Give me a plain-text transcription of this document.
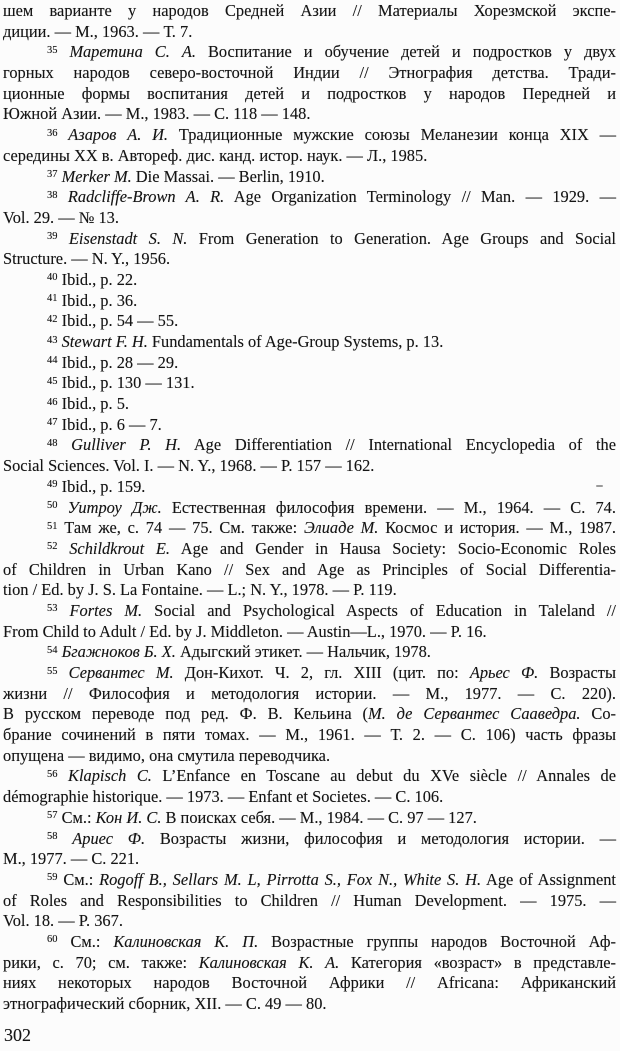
шем варианте у народов Средней Азии // Материалы Хорезмской экспе-
диции. — М., 1963. — Т. 7.
35 Маретина С. А. Воспитание и обучение детей и подростков у двух
горных народов северо-восточной Индии // Этнография детства. Тради-
ционные формы воспитания детей и подростков у народов Передней и
Южной Азии. — М., 1983. — С. 118 — 148.
36 Азаров А. И. Традиционные мужские союзы Меланезии конца XIX —
середины XX в. Автореф. дис. канд. истор. наук. — Л., 1985.
37 Merker M. Die Massai. — Berlin, 1910.
38 Radcliffe-Brown A. R. Age Organization Terminology // Man. — 1929. —
Vol. 29. — № 13.
39 Eisenstadt S. N. From Generation to Generation. Age Groups and Social
Structure. — N. Y., 1956.
40 Ibid., p. 22.
41 Ibid., p. 36.
42 Ibid., p. 54 — 55.
43 Stewart F. H. Fundamentals of Age-Group Systems, p. 13.
44 Ibid., p. 28 — 29.
45 Ibid., p. 130 — 131.
46 Ibid., p. 5.
47 Ibid., p. 6 — 7.
48 Gulliver P. H. Age Differentiation // International Encyclopedia of the
Social Sciences. Vol. I. — N. Y., 1968. — P. 157 — 162.
49 Ibid., p. 159.
50 Уитроу Дж. Естественная философия времени. — М., 1964. — С. 74.
51 Там же, с. 74 — 75. См. также: Элиаде М. Космос и история. — М., 1987.
52 Schildkrout E. Age and Gender in Hausa Society: Socio-Economic Roles
of Children in Urban Kano // Sex and Age as Principles of Social Differentia-
tion / Ed. by J. S. La Fontaine. — L.; N. Y., 1978. — P. 119.
53 Fortes M. Social and Psychological Aspects of Education in Taleland //
From Child to Adult / Ed. by J. Middleton. — Austin—L., 1970. — P. 16.
54 Бгажноков Б. Х. Адыгский этикет. — Нальчик, 1978.
55 Сервантес М. Дон-Кихот. Ч. 2, гл. XIII (цит. по: Арьес Ф. Возрасты
жизни // Философия и методология истории. — М., 1977. — С. 220).
В русском переводе под ред. Ф. В. Кельина (М. де Сервантес Сааведра. Со-
брание сочинений в пяти томах. — М., 1961. — Т. 2. — С. 106) часть фразы
опущена — видимо, она смутила переводчика.
56 Klapisch C. L’Enfance en Toscane au debut du XVe siècle // Annales de
démographie historique. — 1973. — Enfant et Societes. — С. 106.
57 См.: Кон И. С. В поисках себя. — М., 1984. — С. 97 — 127.
58 Ариес Ф. Возрасты жизни, философия и методология истории. —
М., 1977. — С. 221.
59 См.: Rogoff B., Sellars M. L, Pirrotta S., Fox N., White S. H. Age of Assignment
of Roles and Responsibilities to Children // Human Development. — 1975. —
Vol. 18. — P. 367.
60 См.: Калиновская К. П. Возрастные группы народов Восточной Аф-
рики, с. 70; см. также: Калиновская К. А. Категория «возраст» в представле-
ниях некоторых народов Восточной Африки // Africana: Африканский
этнографический сборник, XII. — С. 49 — 80.
302
